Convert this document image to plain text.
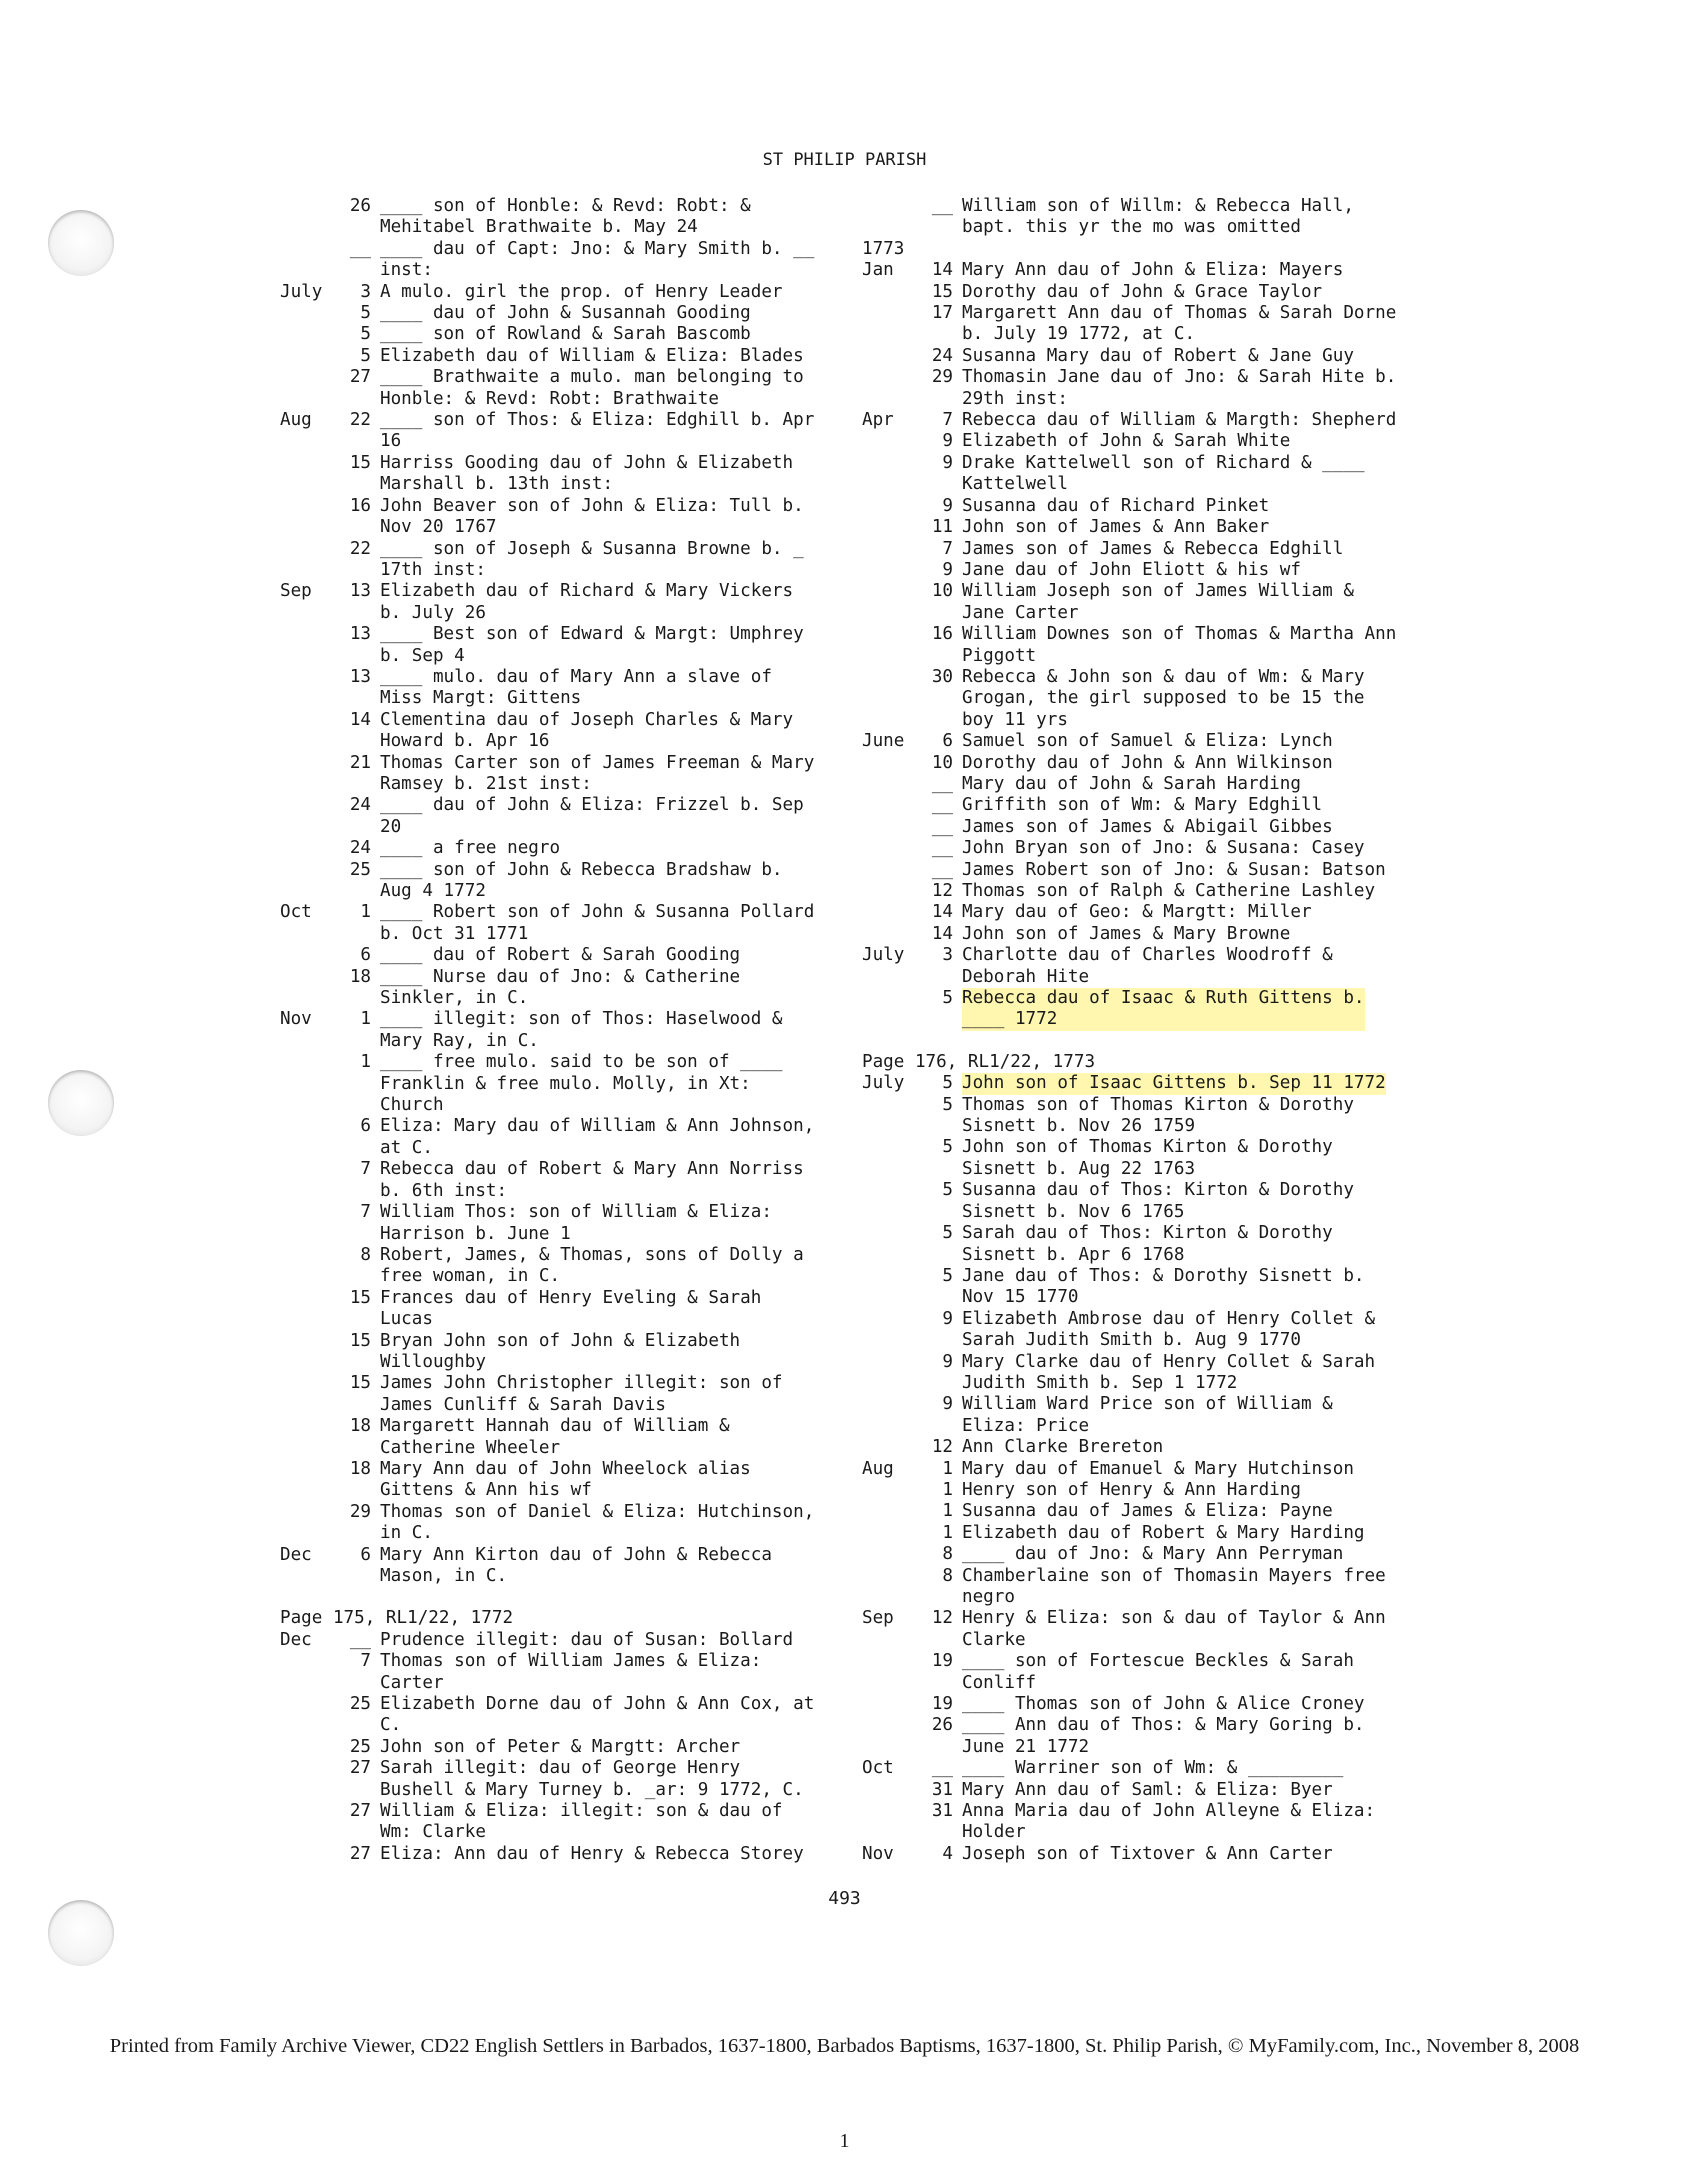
ST PHILIP PARISH
26 ____ son of Honble: & Revd: Robt: &
Mehitabel Brathwaite b. May 24
__ ____ dau of Capt: Jno: & Mary Smith b. __
inst:
July	3 A mulo. girl the prop. of Henry Leader
5 ____ dau of John & Susannah Gooding
5 ____ son of Rowland & Sarah Bascomb
5 Elizabeth dau of William & Eliza: Blades
27 ____ Brathwaite a mulo. man belonging to
Honble: & Revd: Robt: Brathwaite
Aug	22 ____ son of Thos: & Eliza: Edghill b. Apr
16
15 Harriss Gooding dau of John & Elizabeth
Marshall b. 13th inst:
16 John Beaver son of John & Eliza: Tull b.
Nov 20 1767
22 ____ son of Joseph & Susanna Browne b. _
17th inst:
Sep	13 Elizabeth dau of Richard & Mary Vickers
b. July 26
13 ____ Best son of Edward & Margt: Umphrey
b. Sep 4
13 ____ mulo. dau of Mary Ann a slave of
Miss Margt: Gittens
14 Clementina dau of Joseph Charles & Mary
Howard b. Apr 16
21 Thomas Carter son of James Freeman & Mary
Ramsey b. 21st inst:
24 ____ dau of John & Eliza: Frizzel b. Sep
20
24 ____ a free negro
25 ____ son of John & Rebecca Bradshaw b.
Aug 4 1772
Oct	1 ____ Robert son of John & Susanna Pollard
b. Oct 31 1771
6 ____ dau of Robert & Sarah Gooding
18 ____ Nurse dau of Jno: & Catherine
Sinkler, in C.
Nov	1 ____ illegit: son of Thos: Haselwood &
Mary Ray, in C.
1 ____ free mulo. said to be son of ____
Franklin & free mulo. Molly, in Xt:
Church
6 Eliza: Mary dau of William & Ann Johnson,
at C.
7 Rebecca dau of Robert & Mary Ann Norriss
b. 6th inst:
7 William Thos: son of William & Eliza:
Harrison b. June 1
8 Robert, James, & Thomas, sons of Dolly a
free woman, in C.
15 Frances dau of Henry Eveling & Sarah
Lucas
15 Bryan John son of John & Elizabeth
Willoughby
15 James John Christopher illegit: son of
James Cunliff & Sarah Davis
18 Margarett Hannah dau of William &
Catherine Wheeler
18 Mary Ann dau of John Wheelock alias
Gittens & Ann his wf
29 Thomas son of Daniel & Eliza: Hutchinson,
in C.
Dec	6 Mary Ann Kirton dau of John & Rebecca
Mason, in C.
Page 175, RL1/22, 1772
Dec	__ Prudence illegit: dau of Susan: Bollard
7 Thomas son of William James & Eliza:
Carter
25 Elizabeth Dorne dau of John & Ann Cox, at
C.
25 John son of Peter & Margtt: Archer
27 Sarah illegit: dau of George Henry
Bushell & Mary Turney b. _ar: 9 1772, C.
27 William & Eliza: illegit: son & dau of
Wm: Clarke
27 Eliza: Ann dau of Henry & Rebecca Storey
__ William son of Willm: & Rebecca Hall,
bapt. this yr the mo was omitted
1773
Jan	14 Mary Ann dau of John & Eliza: Mayers
15 Dorothy dau of John & Grace Taylor
17 Margarett Ann dau of Thomas & Sarah Dorne
b. July 19 1772, at C.
24 Susanna Mary dau of Robert & Jane Guy
29 Thomasin Jane dau of Jno: & Sarah Hite b.
29th inst:
Apr	7 Rebecca dau of William & Margth: Shepherd
9 Elizabeth of John & Sarah White
9 Drake Kattelwell son of Richard & ____
Kattelwell
9 Susanna dau of Richard Pinket
11 John son of James & Ann Baker
7 James son of James & Rebecca Edghill
9 Jane dau of John Eliott & his wf
10 William Joseph son of James William &
Jane Carter
16 William Downes son of Thomas & Martha Ann
Piggott
30 Rebecca & John son & dau of Wm: & Mary
Grogan, the girl supposed to be 15 the
boy 11 yrs
June	6 Samuel son of Samuel & Eliza: Lynch
10 Dorothy dau of John & Ann Wilkinson
__ Mary dau of John & Sarah Harding
__ Griffith son of Wm: & Mary Edghill
__ James son of James & Abigail Gibbes
__ John Bryan son of Jno: & Susana: Casey
__ James Robert son of Jno: & Susan: Batson
12 Thomas son of Ralph & Catherine Lashley
14 Mary dau of Geo: & Margtt: Miller
14 John son of James & Mary Browne
July	3 Charlotte dau of Charles Woodroff &
Deborah Hite
5 Rebecca dau of Isaac & Ruth Gittens b.
____ 1772
Page 176, RL1/22, 1773
July	5 John son of Isaac Gittens b. Sep 11 1772
5 Thomas son of Thomas Kirton & Dorothy
Sisnett b. Nov 26 1759
5 John son of Thomas Kirton & Dorothy
Sisnett b. Aug 22 1763
5 Susanna dau of Thos: Kirton & Dorothy
Sisnett b. Nov 6 1765
5 Sarah dau of Thos: Kirton & Dorothy
Sisnett b. Apr 6 1768
5 Jane dau of Thos: & Dorothy Sisnett b.
Nov 15 1770
9 Elizabeth Ambrose dau of Henry Collet &
Sarah Judith Smith b. Aug 9 1770
9 Mary Clarke dau of Henry Collet & Sarah
Judith Smith b. Sep 1 1772
9 William Ward Price son of William &
Eliza: Price
12 Ann Clarke Brereton
Aug	1 Mary dau of Emanuel & Mary Hutchinson
1 Henry son of Henry & Ann Harding
1 Susanna dau of James & Eliza: Payne
1 Elizabeth dau of Robert & Mary Harding
8 ____ dau of Jno: & Mary Ann Perryman
8 Chamberlaine son of Thomasin Mayers free
negro
Sep	12 Henry & Eliza: son & dau of Taylor & Ann
Clarke
19 ____ son of Fortescue Beckles & Sarah
Conliff
19 ____ Thomas son of John & Alice Croney
26 ____ Ann dau of Thos: & Mary Goring b.
June 21 1772
Oct	__ ____ Warriner son of Wm: & _________
31 Mary Ann dau of Saml: & Eliza: Byer
31 Anna Maria dau of John Alleyne & Eliza:
Holder
Nov	4 Joseph son of Tixtover & Ann Carter
493
Printed from Family Archive Viewer, CD22 English Settlers in Barbados, 1637-1800, Barbados Baptisms, 1637-1800, St. Philip Parish, © MyFamily.com, Inc., November 8, 2008
1
